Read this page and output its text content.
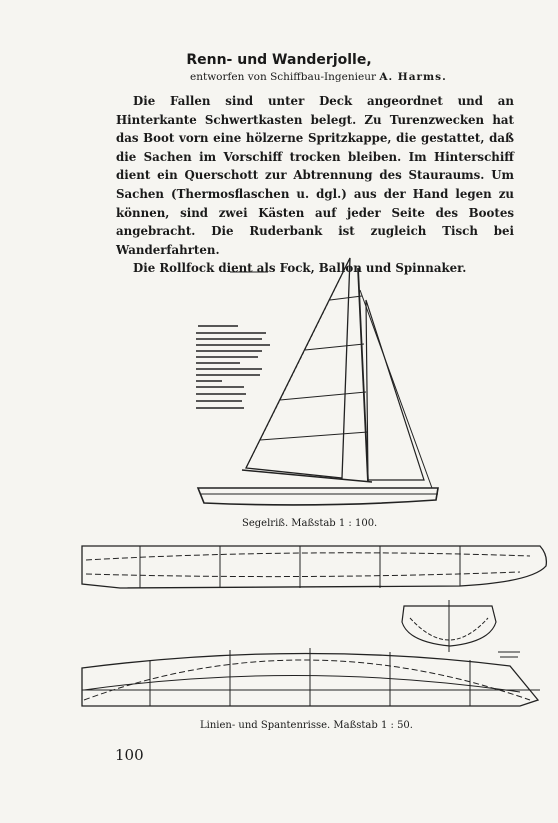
Renn- und Wanderjolle,
entworfen von Schiffbau-Ingenieur A. Harms.

Die Fallen sind unter Deck angeordnet und an Hinterkante Schwertkasten belegt. Zu Turenzwecken hat das Boot vorn eine hölzerne Spritzkappe, die gestattet, daß die Sachen im Vorschiff trocken bleiben. Im Hinterschiff dient ein Querschott zur Abtrennung des Stauraums. Um Sachen (Thermosflaschen u. dgl.) aus der Hand legen zu können, sind zwei Kästen auf jeder Seite des Bootes angebracht. Die Ruderbank ist zugleich Tisch bei Wanderfahrten.

Die Rollfock dient als Fock, Ballon und Spinnaker.

Segelriß. Maßstab 1 : 100.
Linien- und Spantenrisse. Maßstab 1 : 50.
100
